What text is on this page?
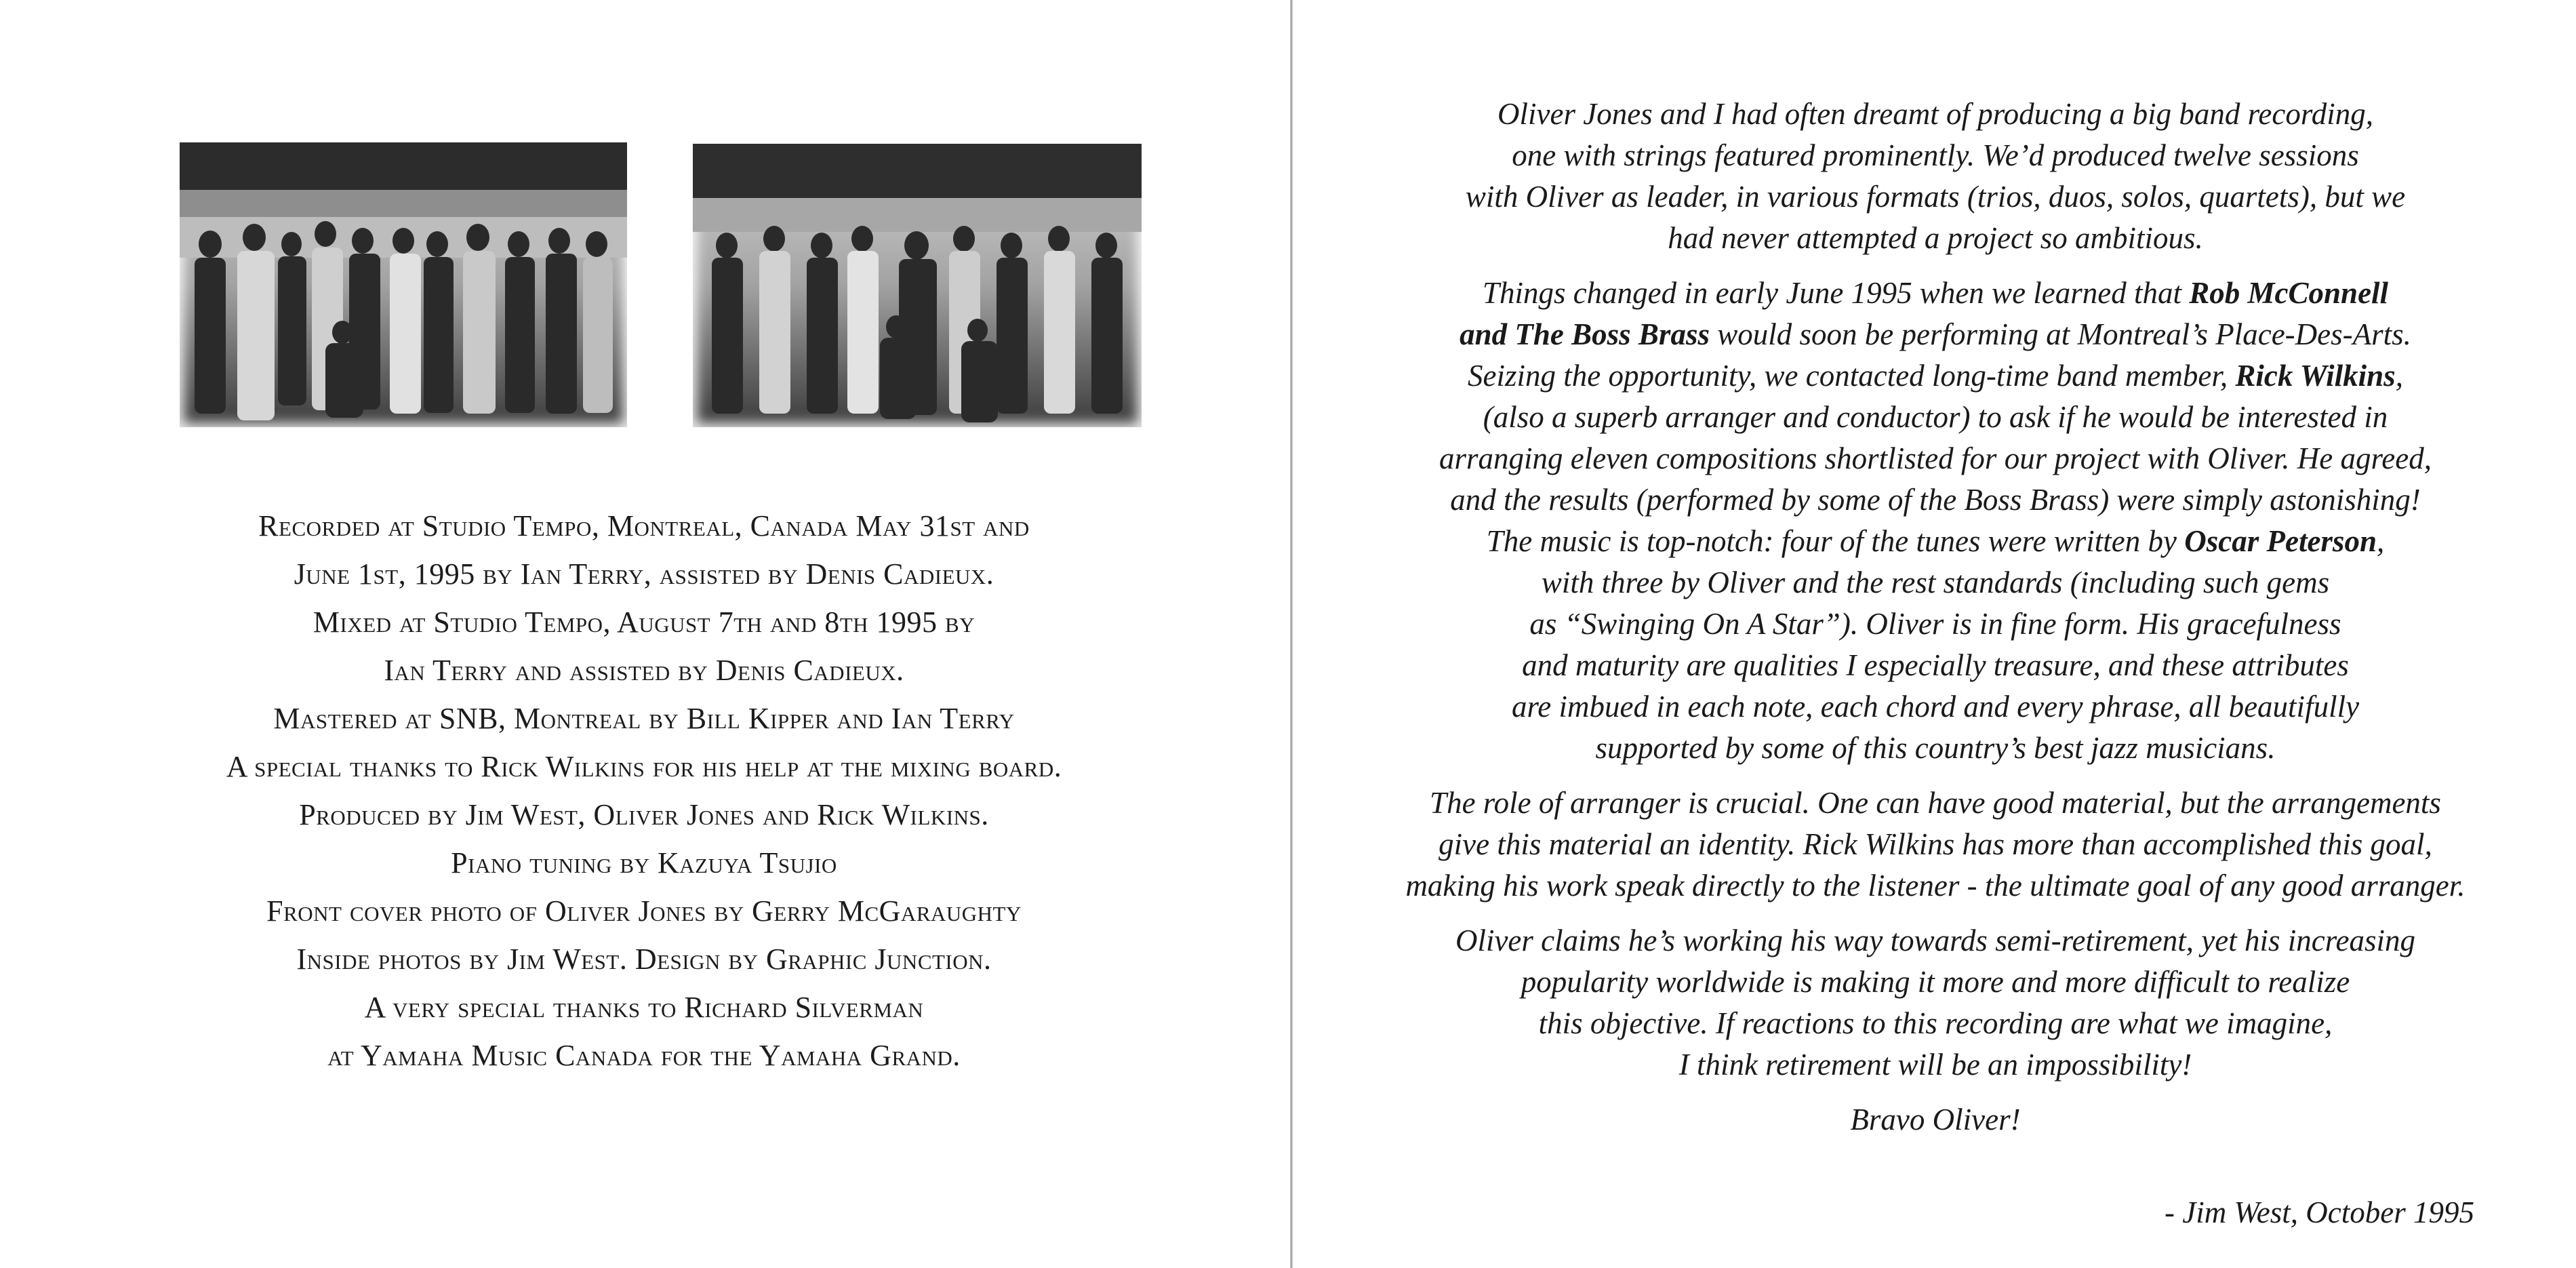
Recorded at Studio Tempo, Montreal, Canada May 31st and
June 1st, 1995 by Ian Terry, assisted by Denis Cadieux.
Mixed at Studio Tempo, August 7th and 8th 1995 by
Ian Terry and assisted by Denis Cadieux.
Mastered at SNB, Montreal by Bill Kipper and Ian Terry
A special thanks to Rick Wilkins for his help at the mixing board.
Produced by Jim West, Oliver Jones and Rick Wilkins.
Piano tuning by Kazuya Tsujio
Front cover photo of Oliver Jones by Gerry McGaraughty
Inside photos by Jim West. Design by Graphic Junction.
A very special thanks to Richard Silverman
at Yamaha Music Canada for the Yamaha Grand.

Oliver Jones and I had often dreamt of producing a big band recording,
one with strings featured prominently. We’d produced twelve sessions
with Oliver as leader, in various formats (trios, duos, solos, quartets), but we
had never attempted a project so ambitious.

Things changed in early June 1995 when we learned that Rob McConnell
and The Boss Brass would soon be performing at Montreal’s Place-Des-Arts.
Seizing the opportunity, we contacted long-time band member, Rick Wilkins,
(also a superb arranger and conductor) to ask if he would be interested in
arranging eleven compositions shortlisted for our project with Oliver. He agreed,
and the results (performed by some of the Boss Brass) were simply astonishing!
The music is top-notch: four of the tunes were written by Oscar Peterson,
with three by Oliver and the rest standards (including such gems
as “Swinging On A Star”). Oliver is in fine form. His gracefulness
and maturity are qualities I especially treasure, and these attributes
are imbued in each note, each chord and every phrase, all beautifully
supported by some of this country’s best jazz musicians.

The role of arranger is crucial. One can have good material, but the arrangements
give this material an identity. Rick Wilkins has more than accomplished this goal,
making his work speak directly to the listener - the ultimate goal of any good arranger.

Oliver claims he’s working his way towards semi-retirement, yet his increasing
popularity worldwide is making it more and more difficult to realize
this objective. If reactions to this recording are what we imagine,
I think retirement will be an impossibility!

Bravo Oliver!

- Jim West, October 1995
